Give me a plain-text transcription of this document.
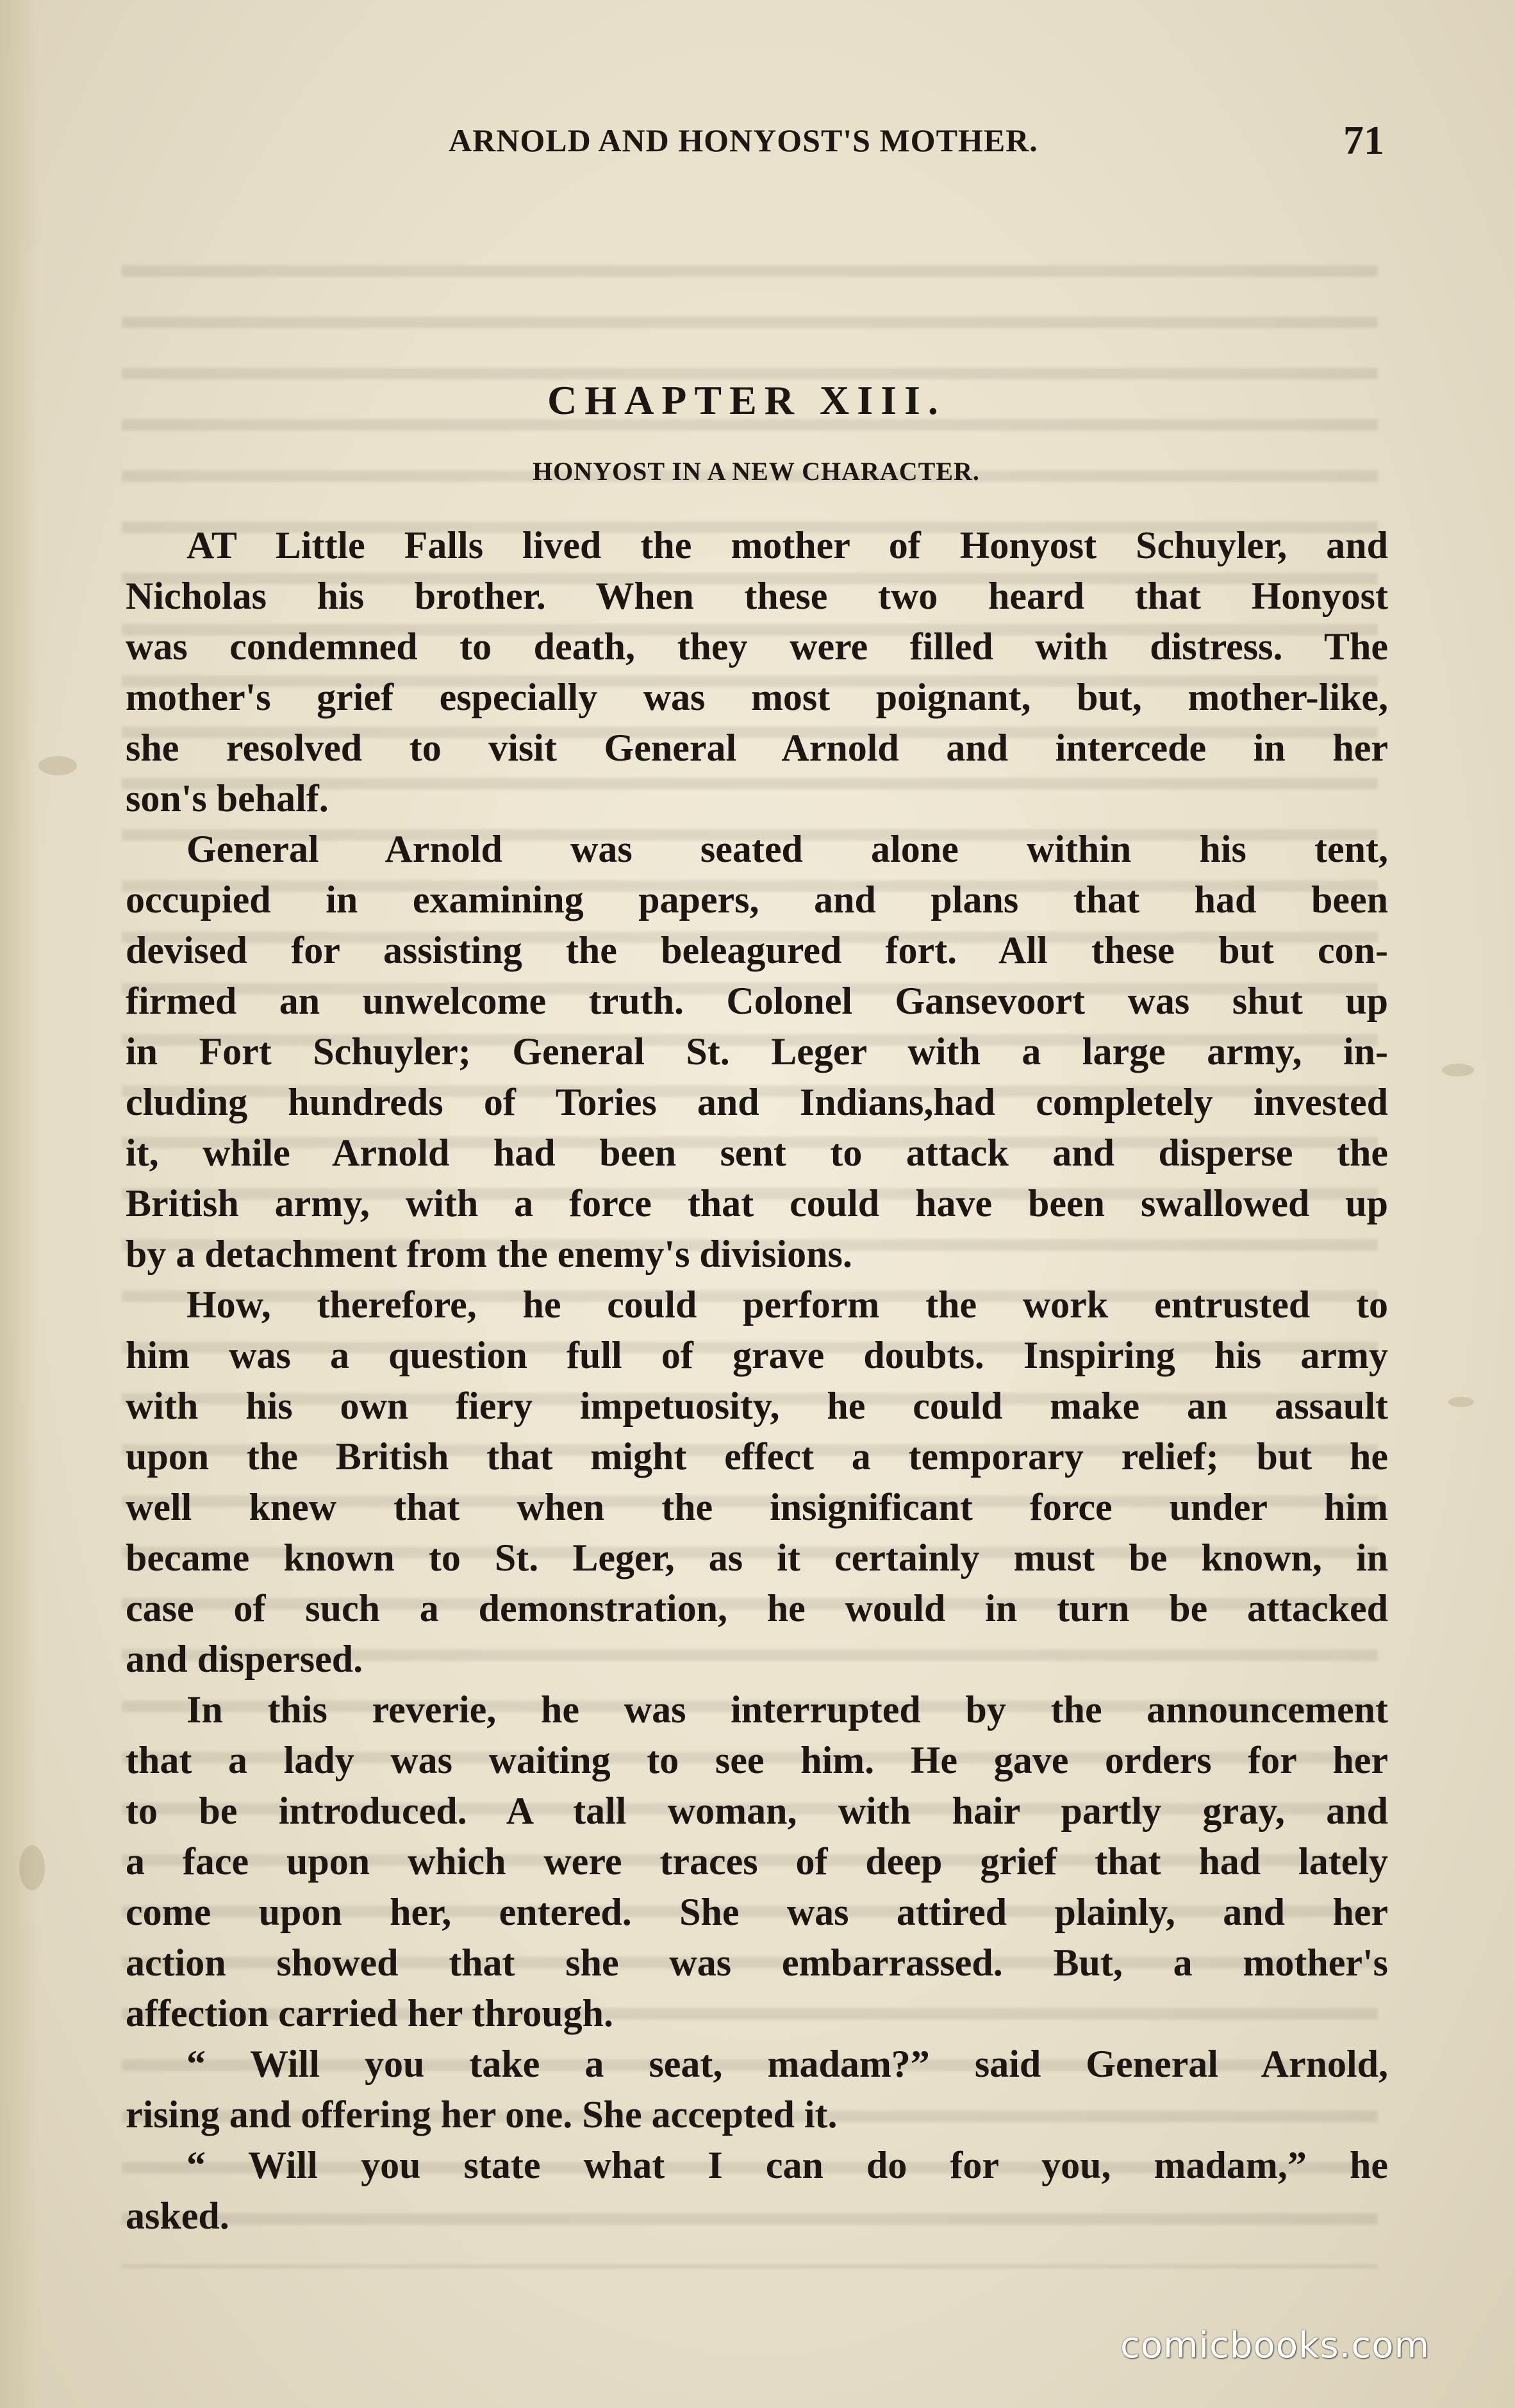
ARNOLD AND HONYOST'S MOTHER.	71
CHAPTER XIII.
HONYOST IN A NEW CHARACTER.
AT Little Falls lived the mother of Honyost Schuyler, and
Nicholas his brother. When these two heard that Honyost
was condemned to death, they were filled with distress. The
mother's grief especially was most poignant, but, mother-like,
she resolved to visit General Arnold and intercede in her
son's behalf.
General Arnold was seated alone within his tent,
occupied in examining papers, and plans that had been
devised for assisting the beleagured fort. All these but con-
firmed an unwelcome truth. Colonel Gansevoort was shut up
in Fort Schuyler; General St. Leger with a large army, in-
cluding hundreds of Tories and Indians,had completely invested
it, while Arnold had been sent to attack and disperse the
British army, with a force that could have been swallowed up
by a detachment from the enemy's divisions.
How, therefore, he could perform the work entrusted to
him was a question full of grave doubts. Inspiring his army
with his own fiery impetuosity, he could make an assault
upon the British that might effect a temporary relief; but he
well knew that when the insignificant force under him
became known to St. Leger, as it certainly must be known, in
case of such a demonstration, he would in turn be attacked
and dispersed.
In this reverie, he was interrupted by the announcement
that a lady was waiting to see him. He gave orders for her
to be introduced. A tall woman, with hair partly gray, and
a face upon which were traces of deep grief that had lately
come upon her, entered. She was attired plainly, and her
action showed that she was embarrassed. But, a mother's
affection carried her through.
“ Will you take a seat, madam?” said General Arnold,
rising and offering her one. She accepted it.
“ Will you state what I can do for you, madam,” he
asked.
comicbooks.com
